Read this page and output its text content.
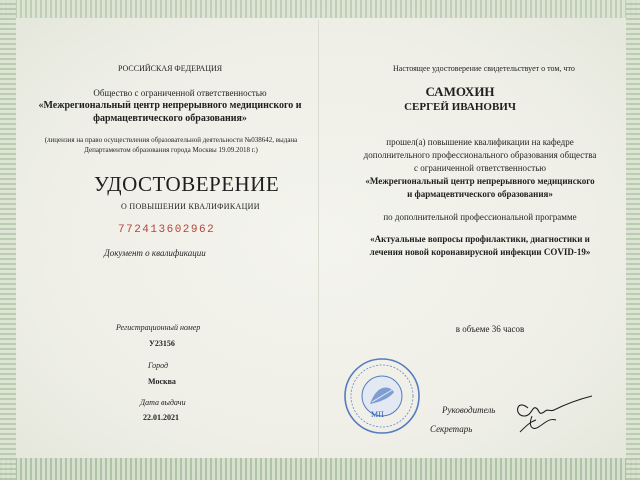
РОССИЙСКАЯ ФЕДЕРАЦИЯ
Общество с ограниченной ответственностью
«Межрегиональный центр непрерывного медицинского и
фармацевтического образования»
(лицензия на право осуществления образовательной деятельности №038642, выдана
Департаментом образования города Москвы 19.09.2018 г.)
УДОСТОВЕРЕНИЕ
О ПОВЫШЕНИИ КВАЛИФИКАЦИИ
772413602962
Документ о квалификации
Регистрационный номер
У23156
Город
Москва
Дата выдачи
22.01.2021
Настоящее удостоверение свидетельствует о том, что
САМОХИН
СЕРГЕЙ ИВАНОВИЧ
прошел(а) повышение квалификации на кафедре
дополнительного профессионального образования общества
с ограниченной ответственностью
«Межрегиональный центр непрерывного медицинского
и фармацевтического образования»
по дополнительной профессиональной программе
«Актуальные вопросы профилактики, диагностики и
лечения новой коронавирусной инфекции COVID-19»
в объеме 36 часов
МП	Руководитель
Секретарь
